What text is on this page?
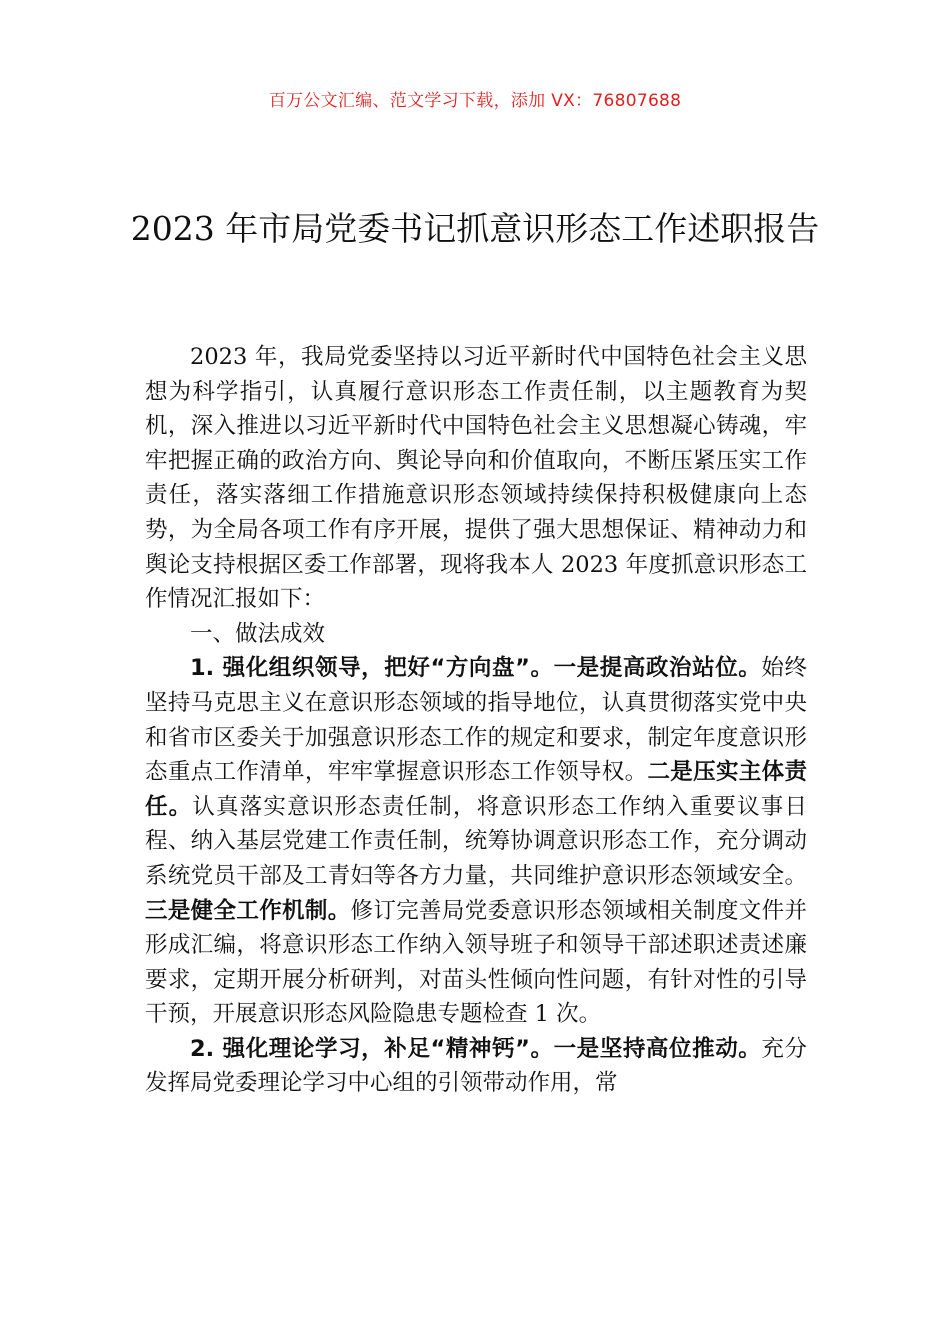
百万公文汇编、范文学习下载，添加 VX：76807688
2023 年市局党委书记抓意识形态工作述职报告

2023 年，我局党委坚持以习近平新时代中国特色社会主义思想为科学指引，认真履行意识形态工作责任制，以主题教育为契机，深入推进以习近平新时代中国特色社会主义思想凝心铸魂，牢牢把握正确的政治方向、舆论导向和价值取向，不断压紧压实工作责任，落实落细工作措施意识形态领域持续保持积极健康向上态势，为全局各项工作有序开展，提供了强大思想保证、精神动力和舆论支持根据区委工作部署，现将我本人 2023 年度抓意识形态工作情况汇报如下：

一、做法成效

1. 强化组织领导，把好“方向盘”。一是提高政治站位。始终坚持马克思主义在意识形态领域的指导地位，认真贯彻落实党中央和省市区委关于加强意识形态工作的规定和要求，制定年度意识形态重点工作清单，牢牢掌握意识形态工作领导权。二是压实主体责任。认真落实意识形态责任制，将意识形态工作纳入重要议事日程、纳入基层党建工作责任制，统筹协调意识形态工作，充分调动系统党员干部及工青妇等各方力量，共同维护意识形态领域安全。三是健全工作机制。修订完善局党委意识形态领域相关制度文件并形成汇编，将意识形态工作纳入领导班子和领导干部述职述责述廉要求，定期开展分析研判，对苗头性倾向性问题，有针对性的引导干预，开展意识形态风险隐患专题检查 1 次。

2. 强化理论学习，补足“精神钙”。一是坚持高位推动。充分发挥局党委理论学习中心组的引领带动作用，常
